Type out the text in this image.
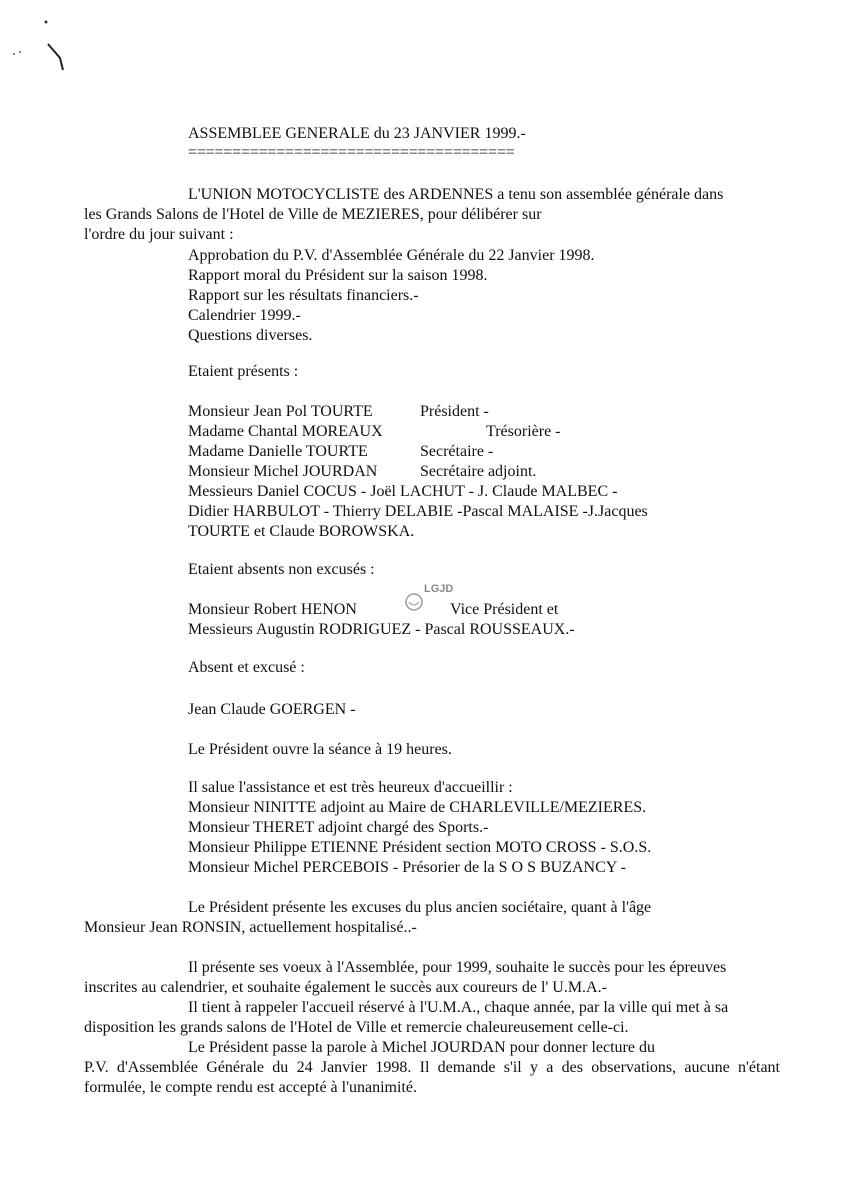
ASSEMBLEE GENERALE du 23 JANVIER 1999.-
=====================================
L'UNION MOTOCYCLISTE des ARDENNES a tenu son assemblée générale dans
les Grands Salons de l'Hotel de Ville de MEZIERES, pour délibérer sur
l'ordre du jour suivant :
Approbation du P.V. d'Assemblée Générale du 22 Janvier 1998.
Rapport moral du Président sur la saison 1998.
Rapport sur les résultats financiers.-
Calendrier 1999.-
Questions diverses.
Etaient présents :
Monsieur Jean Pol TOURTE	Président -
Madame Chantal MOREAUX	Trésorière -
Madame Danielle TOURTE	Secrétaire -
Monsieur Michel JOURDAN	Secrétaire adjoint.
Messieurs Daniel COCUS - Joël LACHUT - J. Claude MALBEC -
Didier HARBULOT - Thierry DELABIE -Pascal MALAISE -J.Jacques
TOURTE et Claude BOROWSKA.
Etaient absents non excusés :
LGJD
Monsieur Robert HENON	Vice Président et
Messieurs Augustin RODRIGUEZ - Pascal ROUSSEAUX.-
Absent et excusé :
Jean Claude GOERGEN -
Le Président ouvre la séance à 19 heures.
Il salue l'assistance et est très heureux d'accueillir :
Monsieur NINITTE adjoint au Maire de CHARLEVILLE/MEZIERES.
Monsieur THERET adjoint chargé des Sports.-
Monsieur Philippe ETIENNE Président section MOTO CROSS - S.O.S.
Monsieur Michel PERCEBOIS - Présorier de la S O S BUZANCY -
Le Président présente les excuses du plus ancien sociétaire, quant à l'âge
Monsieur Jean RONSIN, actuellement hospitalisé..-
Il présente ses voeux à l'Assemblée, pour 1999, souhaite le succès pour les épreuves
inscrites au calendrier, et souhaite également le succès aux coureurs de l' U.M.A.-
Il tient à rappeler l'accueil réservé à l'U.M.A., chaque année, par la ville qui met à sa
disposition les grands salons de l'Hotel de Ville et remercie chaleureusement celle-ci.
Le Président passe la parole à Michel JOURDAN pour donner lecture du
P.V. d'Assemblée Générale du 24 Janvier 1998. Il demande s'il y a des observations, aucune n'étant
formulée, le compte rendu est accepté à l'unanimité.
